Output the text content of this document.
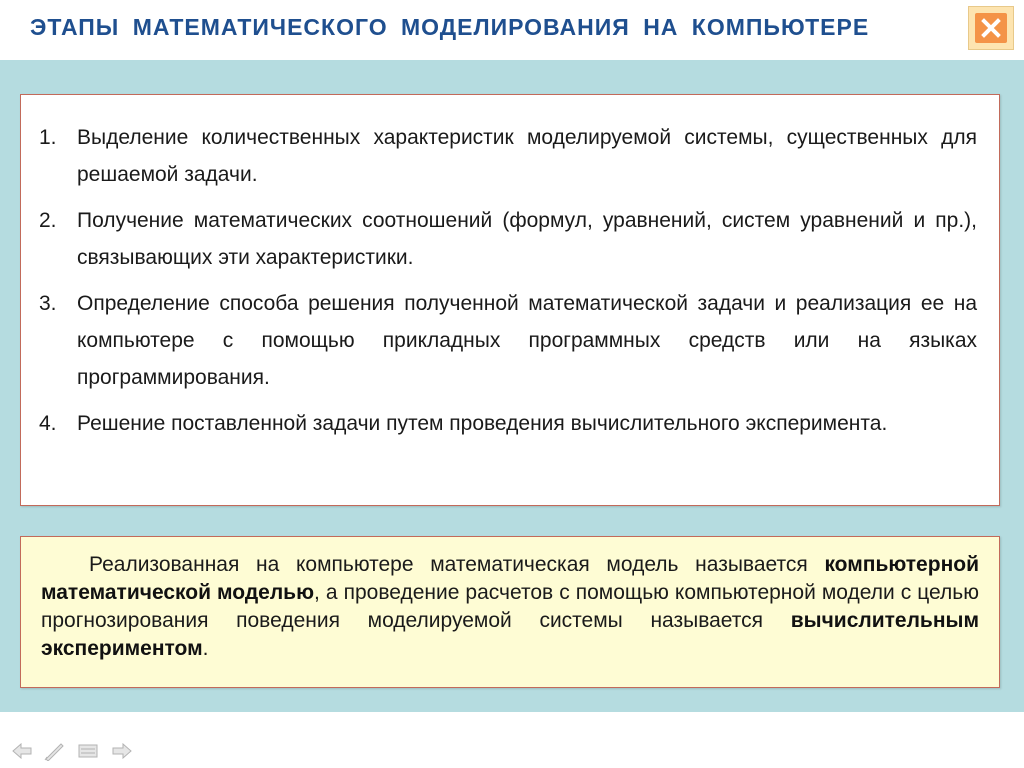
ЭТАПЫ МАТЕМАТИЧЕСКОГО МОДЕЛИРОВАНИЯ НА КОМПЬЮТЕРЕ
1. Выделение количественных характеристик моделируемой системы, существенных для решаемой задачи.
2. Получение математических соотношений (формул, уравнений, систем уравнений и пр.), связывающих эти характеристики.
3. Определение способа решения полученной математической задачи и реализация ее на компьютере с помощью прикладных программных средств или на языках программирования.
4. Решение поставленной задачи путем проведения вычислительного эксперимента.

Реализованная на компьютере математическая модель называется компьютерной математической моделью, а проведение расчетов с помощью компьютерной модели с целью прогнозирования поведения моделируемой системы называется вычислительным экспериментом.
